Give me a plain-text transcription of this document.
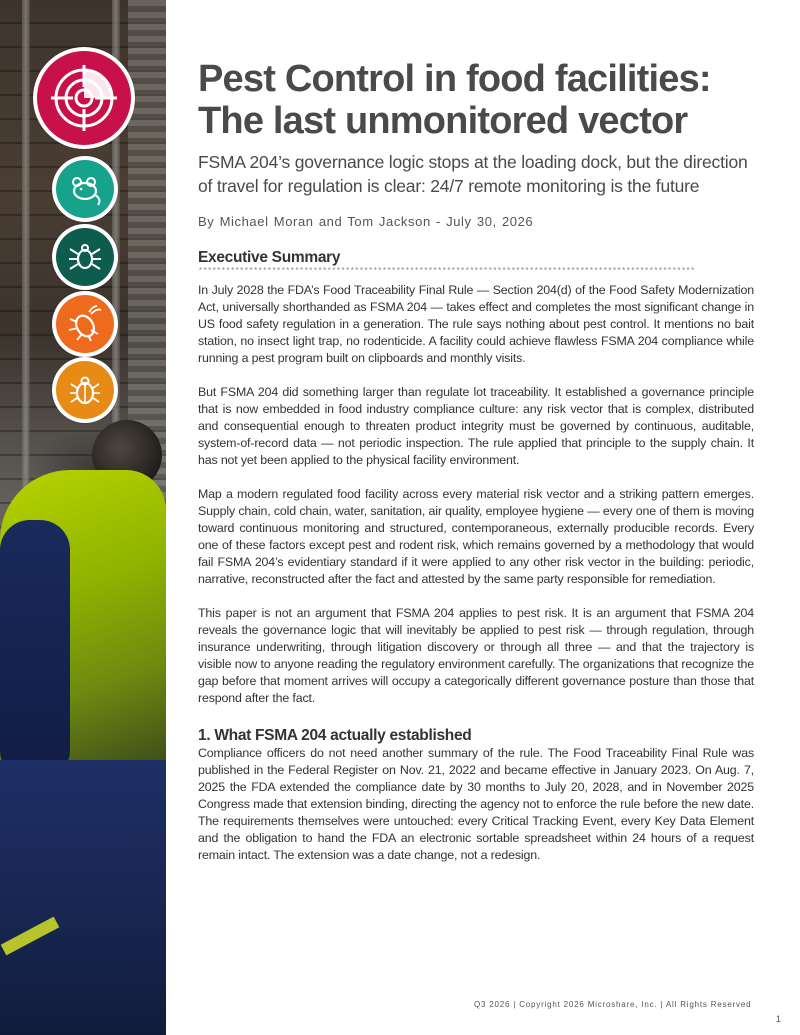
Pest Control in food facilities:
The last unmonitored vector
FSMA 204’s governance logic stops at the loading dock, but the direction of travel for regulation is clear: 24/7 remote monitoring is the future
By Michael Moran and Tom Jackson - July 30, 2026
Executive Summary
************************************************************************************************************

In July 2028 the FDA’s Food Traceability Final Rule — Section 204(d) of the Food Safety Modernization Act, universally shorthanded as FSMA 204 — takes effect and completes the most significant change in US food safety regulation in a generation. The rule says nothing about pest control. It mentions no bait station, no insect light trap, no rodenticide. A facility could achieve flawless FSMA 204 compliance while running a pest program built on clipboards and monthly visits.

But FSMA 204 did something larger than regulate lot traceability. It established a governance principle that is now embedded in food industry compliance culture: any risk vector that is complex, distributed and consequential enough to threaten product integrity must be governed by continuous, auditable, system-of-record data — not periodic inspection. The rule applied that principle to the supply chain. It has not yet been applied to the physical facility environment.

Map a modern regulated food facility across every material risk vector and a striking pattern emerges. Supply chain, cold chain, water, sanitation, air quality, employee hygiene — every one of them is moving toward continuous monitoring and structured, contemporaneous, externally producible records. Every one of these factors except pest and rodent risk, which remains governed by a methodology that would fail FSMA 204’s evidentiary standard if it were applied to any other risk vector in the building: periodic, narrative, reconstructed after the fact and attested by the same party responsible for remediation.

This paper is not an argument that FSMA 204 applies to pest risk. It is an argument that FSMA 204 reveals the governance logic that will inevitably be applied to pest risk — through regulation, through insurance underwriting, through litigation discovery or through all three — and that the trajectory is visible now to anyone reading the regulatory environment carefully. The organizations that recognize the gap before that moment arrives will occupy a categorically different governance posture than those that respond after the fact.

1. What FSMA 204 actually established

Compliance officers do not need another summary of the rule. The Food Traceability Final Rule was published in the Federal Register on Nov. 21, 2022 and became effective in January 2023. On Aug. 7, 2025 the FDA extended the compliance date by 30 months to July 20, 2028, and in November 2025 Congress made that extension binding, directing the agency not to enforce the rule before the new date. The requirements themselves were untouched: every Critical Tracking Event, every Key Data Element and the obligation to hand the FDA an electronic sortable spreadsheet within 24 hours of a request remain intact. The extension was a date change, not a redesign.

Q3 2026 | Copyright 2026 Microshare, Inc. | All Rights Reserved
1
